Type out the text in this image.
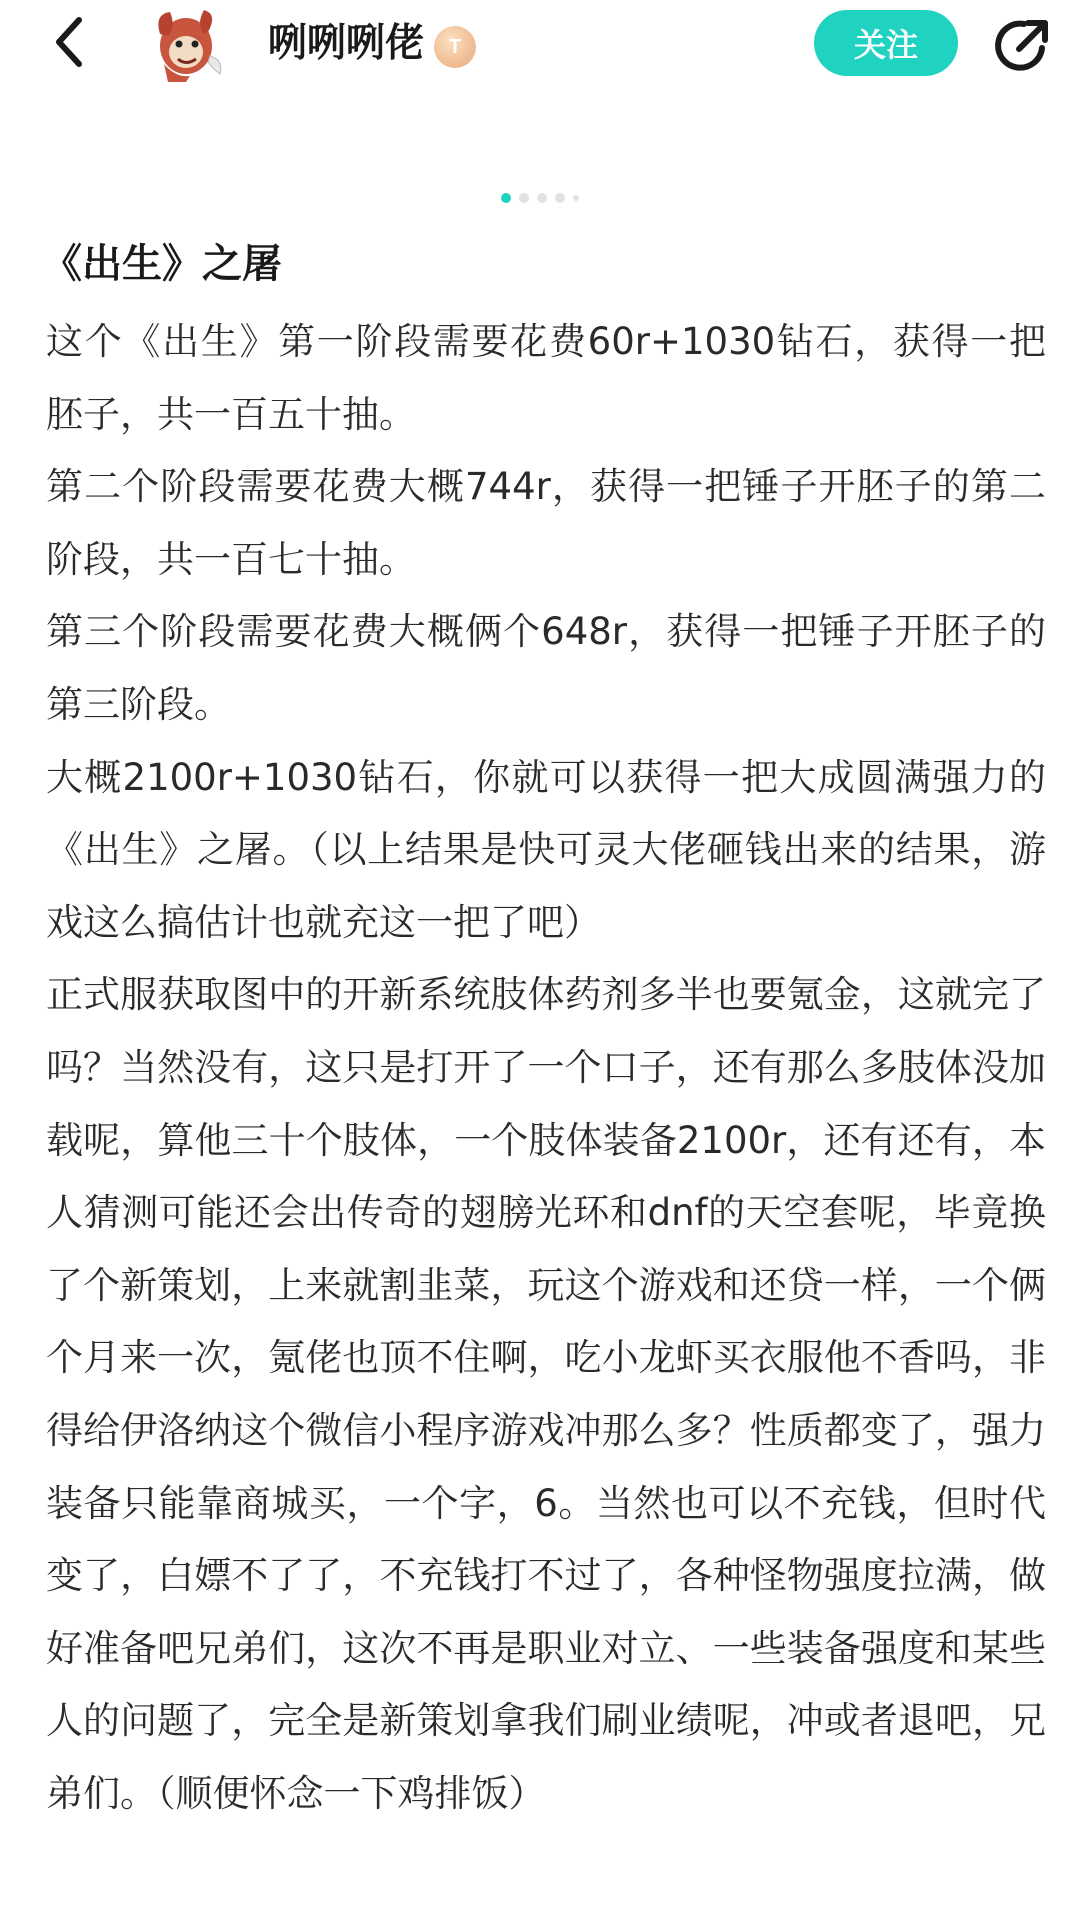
咧咧咧佬	T	关注
《出生》之屠

这个《出生》第一阶段需要花费60r+1030钻石，获得一把胚子，共一百五十抽。

第二个阶段需要花费大概744r，获得一把锤子开胚子的第二阶段，共一百七十抽。

第三个阶段需要花费大概俩个648r，获得一把锤子开胚子的第三阶段。

大概2100r+1030钻石，你就可以获得一把大成圆满强力的《出生》之屠。（以上结果是快可灵大佬砸钱出来的结果，游戏这么搞估计也就充这一把了吧）

正式服获取图中的开新系统肢体药剂多半也要氪金，这就完了吗？当然没有，这只是打开了一个口子，还有那么多肢体没加载呢，算他三十个肢体，一个肢体装备2100r，还有还有，本人猜测可能还会出传奇的翅膀光环和dnf的天空套呢，毕竟换了个新策划，上来就割韭菜，玩这个游戏和还贷一样，一个俩个月来一次，氪佬也顶不住啊，吃小龙虾买衣服他不香吗，非得给伊洛纳这个微信小程序游戏冲那么多？性质都变了，强力装备只能靠商城买，一个字，6。当然也可以不充钱，但时代变了，白嫖不了了，不充钱打不过了，各种怪物强度拉满，做好准备吧兄弟们，这次不再是职业对立、一些装备强度和某些人的问题了，完全是新策划拿我们刷业绩呢，冲或者退吧，兄弟们。（顺便怀念一下鸡排饭）
